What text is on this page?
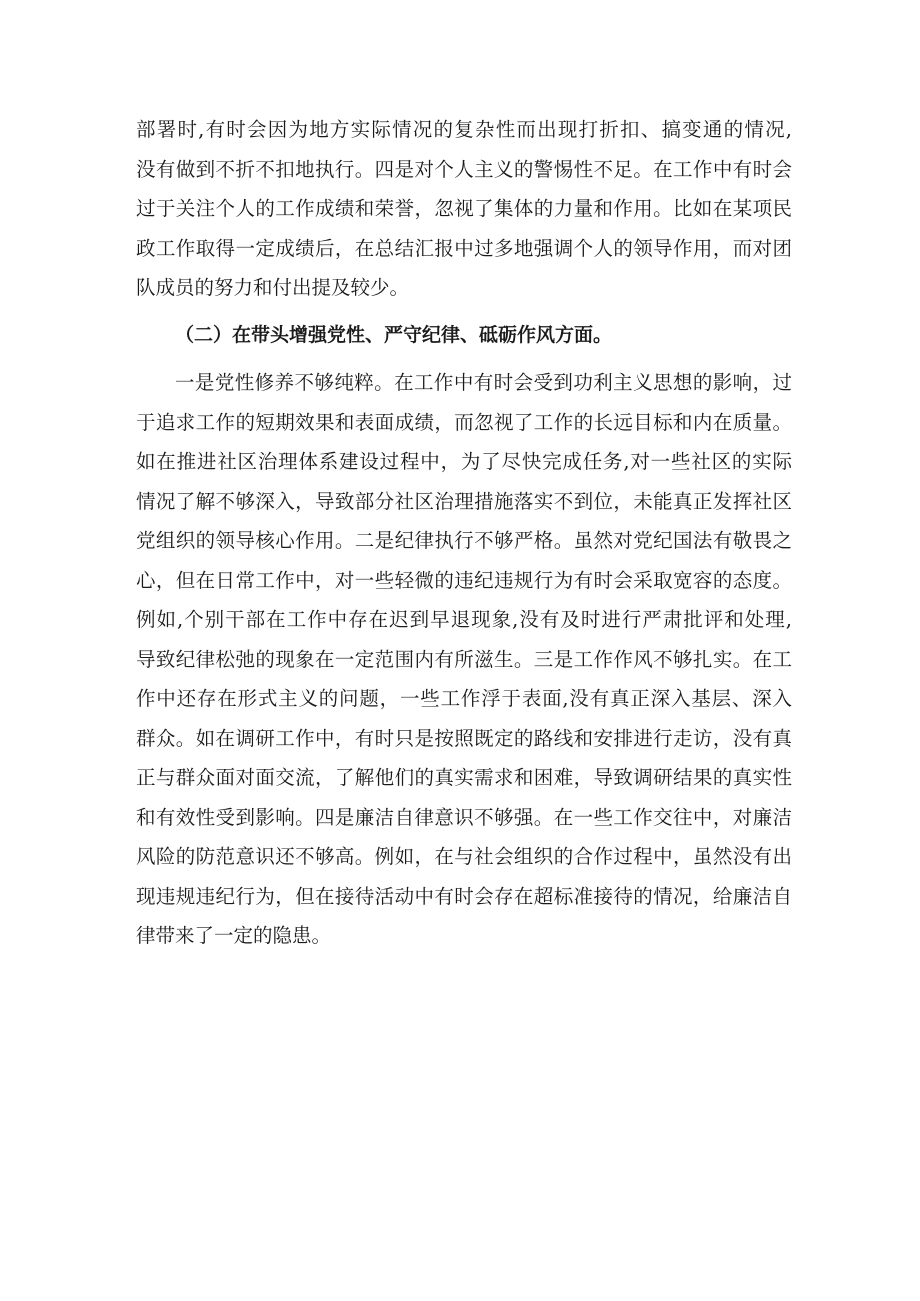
部署时,有时会因为地方实际情况的复杂性而出现打折扣、搞变通的情况,
没有做到不折不扣地执行。四是对个人主义的警惕性不足。在工作中有时会
过于关注个人的工作成绩和荣誉，忽视了集体的力量和作用。比如在某项民
政工作取得一定成绩后，在总结汇报中过多地强调个人的领导作用，而对团
队成员的努力和付出提及较少。
（二）在带头增强党性、严守纪律、砥砺作风方面。
一是党性修养不够纯粹。在工作中有时会受到功利主义思想的影响，过
于追求工作的短期效果和表面成绩，而忽视了工作的长远目标和内在质量。
如在推进社区治理体系建设过程中，为了尽快完成任务,对一些社区的实际
情况了解不够深入，导致部分社区治理措施落实不到位，未能真正发挥社区
党组织的领导核心作用。二是纪律执行不够严格。虽然对党纪国法有敬畏之
心，但在日常工作中，对一些轻微的违纪违规行为有时会采取宽容的态度。
例如,个别干部在工作中存在迟到早退现象,没有及时进行严肃批评和处理,
导致纪律松弛的现象在一定范围内有所滋生。三是工作作风不够扎实。在工
作中还存在形式主义的问题，一些工作浮于表面,没有真正深入基层、深入
群众。如在调研工作中，有时只是按照既定的路线和安排进行走访，没有真
正与群众面对面交流，了解他们的真实需求和困难，导致调研结果的真实性
和有效性受到影响。四是廉洁自律意识不够强。在一些工作交往中，对廉洁
风险的防范意识还不够高。例如，在与社会组织的合作过程中，虽然没有出
现违规违纪行为，但在接待活动中有时会存在超标准接待的情况，给廉洁自
律带来了一定的隐患。
